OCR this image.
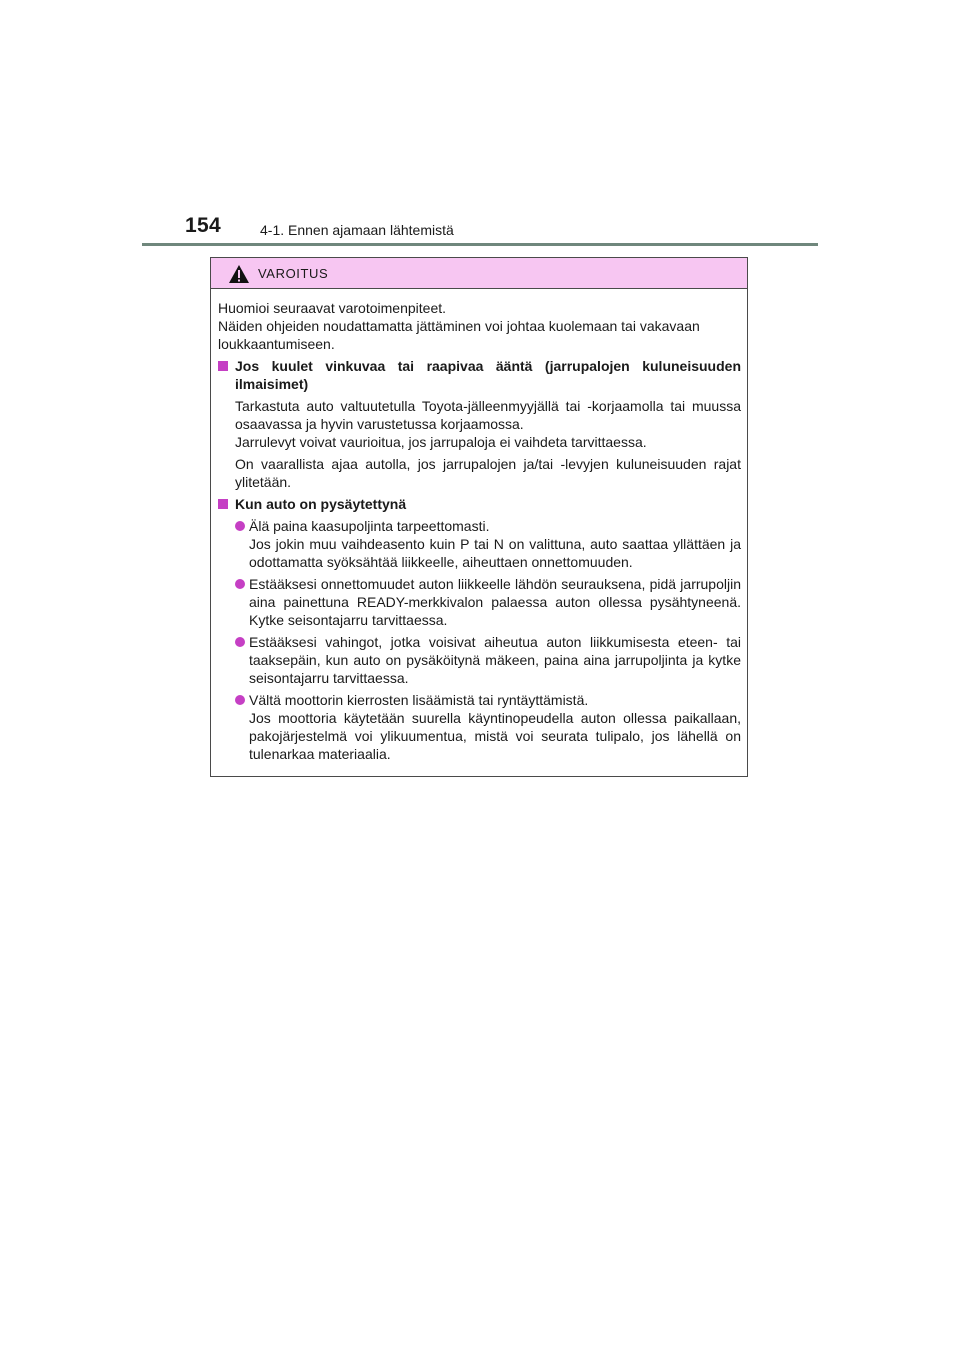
154	4-1. Ennen ajamaan lähtemistä
VAROITUS
Huomioi seuraavat varotoimenpiteet.
Näiden ohjeiden noudattamatta jättäminen voi johtaa kuolemaan tai vakavaan loukkaantumiseen.
Jos kuulet vinkuvaa tai raapivaa ääntä (jarrupalojen kuluneisuuden ilmaisimet)
Tarkastuta auto valtuutetulla Toyota-jälleenmyyjällä tai -korjaamolla tai muussa osaavassa ja hyvin varustetussa korjaamossa.
Jarrulevyt voivat vaurioitua, jos jarrupaloja ei vaihdeta tarvittaessa.
On vaarallista ajaa autolla, jos jarrupalojen ja/tai -levyjen kuluneisuuden rajat ylitetään.
Kun auto on pysäytettynä
Älä paina kaasupoljinta tarpeettomasti.
Jos jokin muu vaihdeasento kuin P tai N on valittuna, auto saattaa yllättäen ja odottamatta syöksähtää liikkeelle, aiheuttaen onnettomuuden.
Estääksesi onnettomuudet auton liikkeelle lähdön seurauksena, pidä jarrupoljin aina painettuna READY-merkkivalon palaessa auton ollessa pysähtyneenä. Kytke seisontajarru tarvittaessa.
Estääksesi vahingot, jotka voisivat aiheutua auton liikkumisesta eteen- tai taaksepäin, kun auto on pysäköitynä mäkeen, paina aina jarrupoljinta ja kytke seisontajarru tarvittaessa.
Vältä moottorin kierrosten lisäämistä tai ryntäyttämistä.
Jos moottoria käytetään suurella käyntinopeudella auton ollessa paikallaan, pakojärjestelmä voi ylikuumentua, mistä voi seurata tulipalo, jos lähellä on tulenarkaa materiaalia.
